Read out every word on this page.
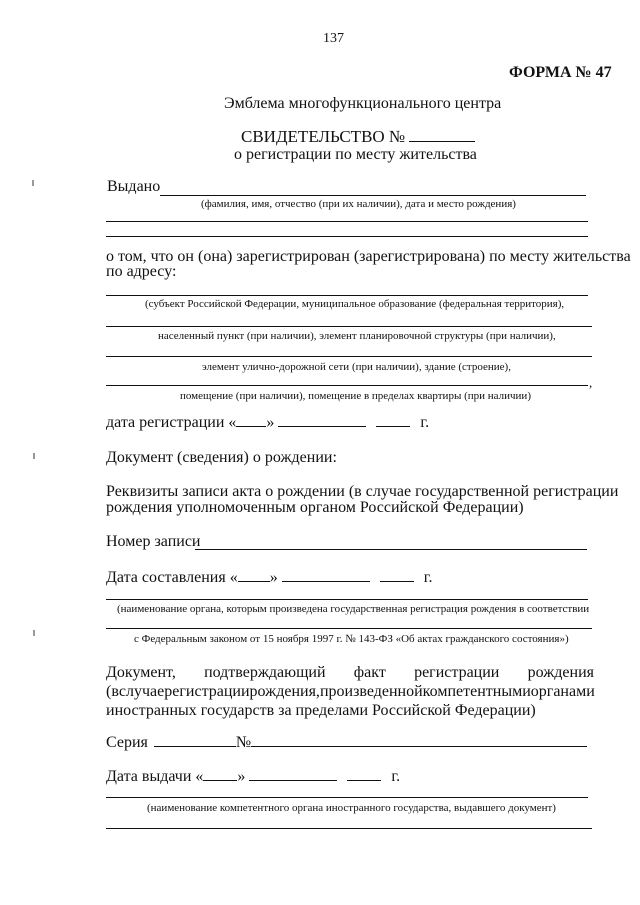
137
ФОРМА № 47
Эмблема многофункционального центра
СВИДЕТЕЛЬСТВО №
о регистрации по месту жительства
Выдано
(фамилия, имя, отчество (при их наличии), дата и место рождения)
о том, что он (она) зарегистрирован (зарегистрирована) по месту жительства
по адресу:
(субъект Российской Федерации, муниципальное образование (федеральная территория),
населенный пункт (при наличии), элемент планировочной структуры (при наличии),
элемент улично-дорожной сети (при наличии), здание (строение),
,
помещение (при наличии), помещение в пределах квартиры (при наличии)
дата регистрации « »	г.
Документ (сведения) о рождении:
Реквизиты записи акта о рождении (в случае государственной регистрации
рождения уполномоченным органом Российской Федерации)
Номер записи
Дата составления « »	г.
(наименование органа, которым произведена государственная регистрация рождения в соответствии
с Федеральным законом от 15 ноября 1997 г. № 143-ФЗ «Об актах гражданского состояния»)
Документ, подтверждающий факт регистрации рождения
(в случае регистрации рождения, произведенной компетентными органами
иностранных государств за пределами Российской Федерации)
Серия	№
Дата выдачи « »	г.
(наименование компетентного органа иностранного государства, выдавшего документ)
